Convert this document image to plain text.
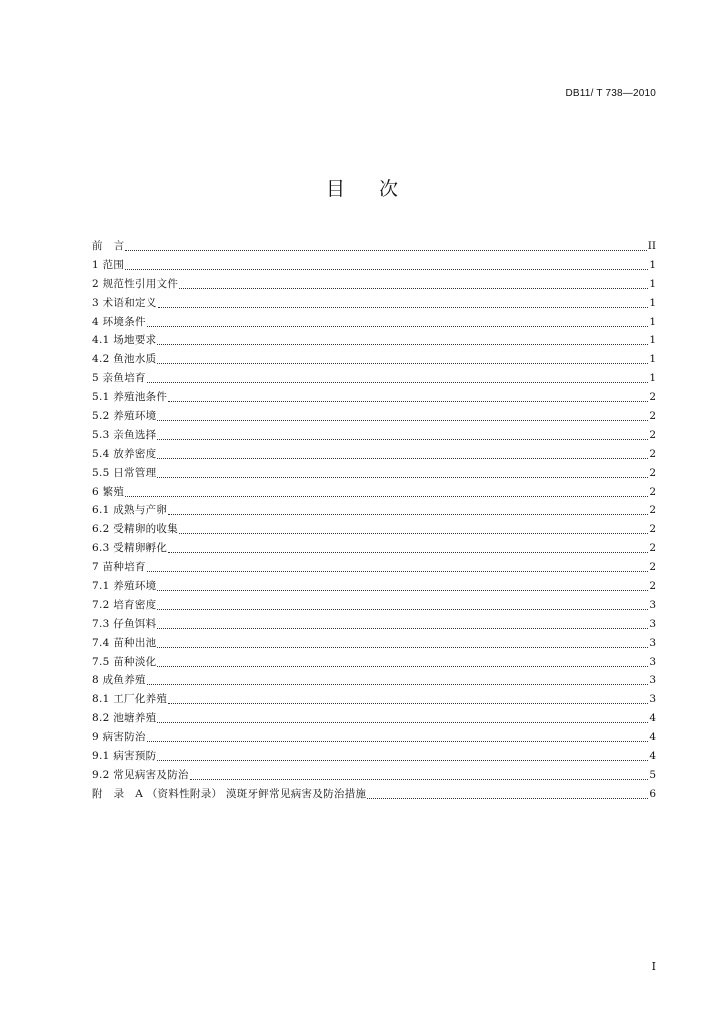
DB11/ T 738—2010
目次
前　言	II
1 范围	1
2 规范性引用文件	1
3 术语和定义	1
4 环境条件	1
4.1 场地要求	1
4.2 鱼池水质	1
5 亲鱼培育	1
5.1 养殖池条件	2
5.2 养殖环境	2
5.3 亲鱼选择	2
5.4 放养密度	2
5.5 日常管理	2
6 繁殖	2
6.1 成熟与产卵	2
6.2 受精卵的收集	2
6.3 受精卵孵化	2
7 苗种培育	2
7.1 养殖环境	2
7.2 培育密度	3
7.3 仔鱼饵料	3
7.4 苗种出池	3
7.5 苗种淡化	3
8 成鱼养殖	3
8.1 工厂化养殖	3
8.2 池塘养殖	4
9 病害防治	4
9.1 病害预防	4
9.2 常见病害及防治	5
附　录　A （资料性附录） 漠斑牙鲆常见病害及防治措施	6
I
